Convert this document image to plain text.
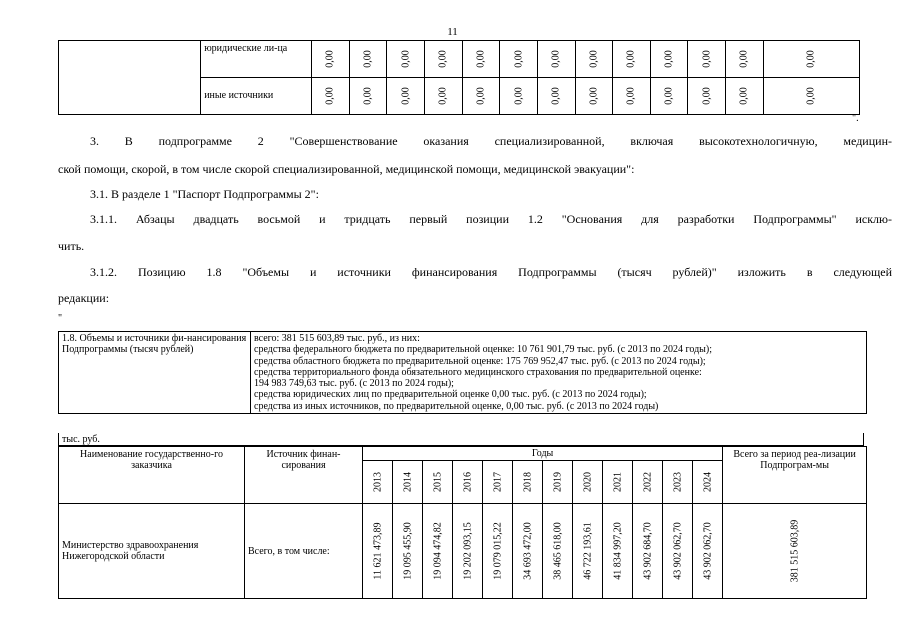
11
	юридические ли-ца	0,00	0,00	0,00	0,00	0,00	0,00	0,00	0,00	0,00	0,00	0,00	0,00	0,00

	иные источники	0,00	0,00	0,00	0,00	0,00	0,00	0,00	0,00	0,00	0,00	0,00	0,00	0,00
".
3. В подпрограмме 2 "Совершенствование оказания специализированной, включая высокотехнологичную, медицин-
ской помощи, скорой, в том числе скорой специализированной, медицинской помощи, медицинской эвакуации":
3.1. В разделе 1 "Паспорт Подпрограммы 2":
3.1.1. Абзацы двадцать восьмой и тридцать первый позиции 1.2 "Основания для разработки Подпрограммы" исклю-
чить.
3.1.2. Позицию 1.8 "Объемы и источники финансирования Подпрограммы (тысяч рублей)" изложить в следующей
редакции:
"
1.8. Объемы и источники фи-нансирования Подпрограммы (тысяч рублей)	
всего: 381 515 603,89 тыс. руб., из них:
средства федерального бюджета по предварительной оценке: 10 761 901,79 тыс. руб. (с 2013 по 2024 годы);
средства областного бюджета по предварительной оценке: 175 769 952,47 тыс. руб. (с 2013 по 2024 годы);
средства территориального фонда обязательного медицинского страхования по предварительной оценке:
194 983 749,63 тыс. руб. (с 2013 по 2024 годы);
средства юридических лиц по предварительной оценке 0,00 тыс. руб. (с 2013 по 2024 годы);
средства из иных источников, по предварительной оценке, 0,00 тыс. руб. (с 2013 по 2024 годы)
тыс. руб.
Наименование государственно-го заказчика	Источник финан-сирования	Годы												Всего за период реа-лизации Подпрограм-мы

		2013	2014	2015	2016	2017	2018	2019	2020	2021	2022	2023	2024	

Министерство здравоохранения Нижегородской области	Всего, в том числе:	11 621 473,89	19 095 455,90	19 094 474,82	19 202 093,15	19 079 015,22	34 693 472,00	38 465 618,00	46 722 193,61	41 834 997,20	43 902 684,70	43 902 062,70	43 902 062,70	381 515 603,89
